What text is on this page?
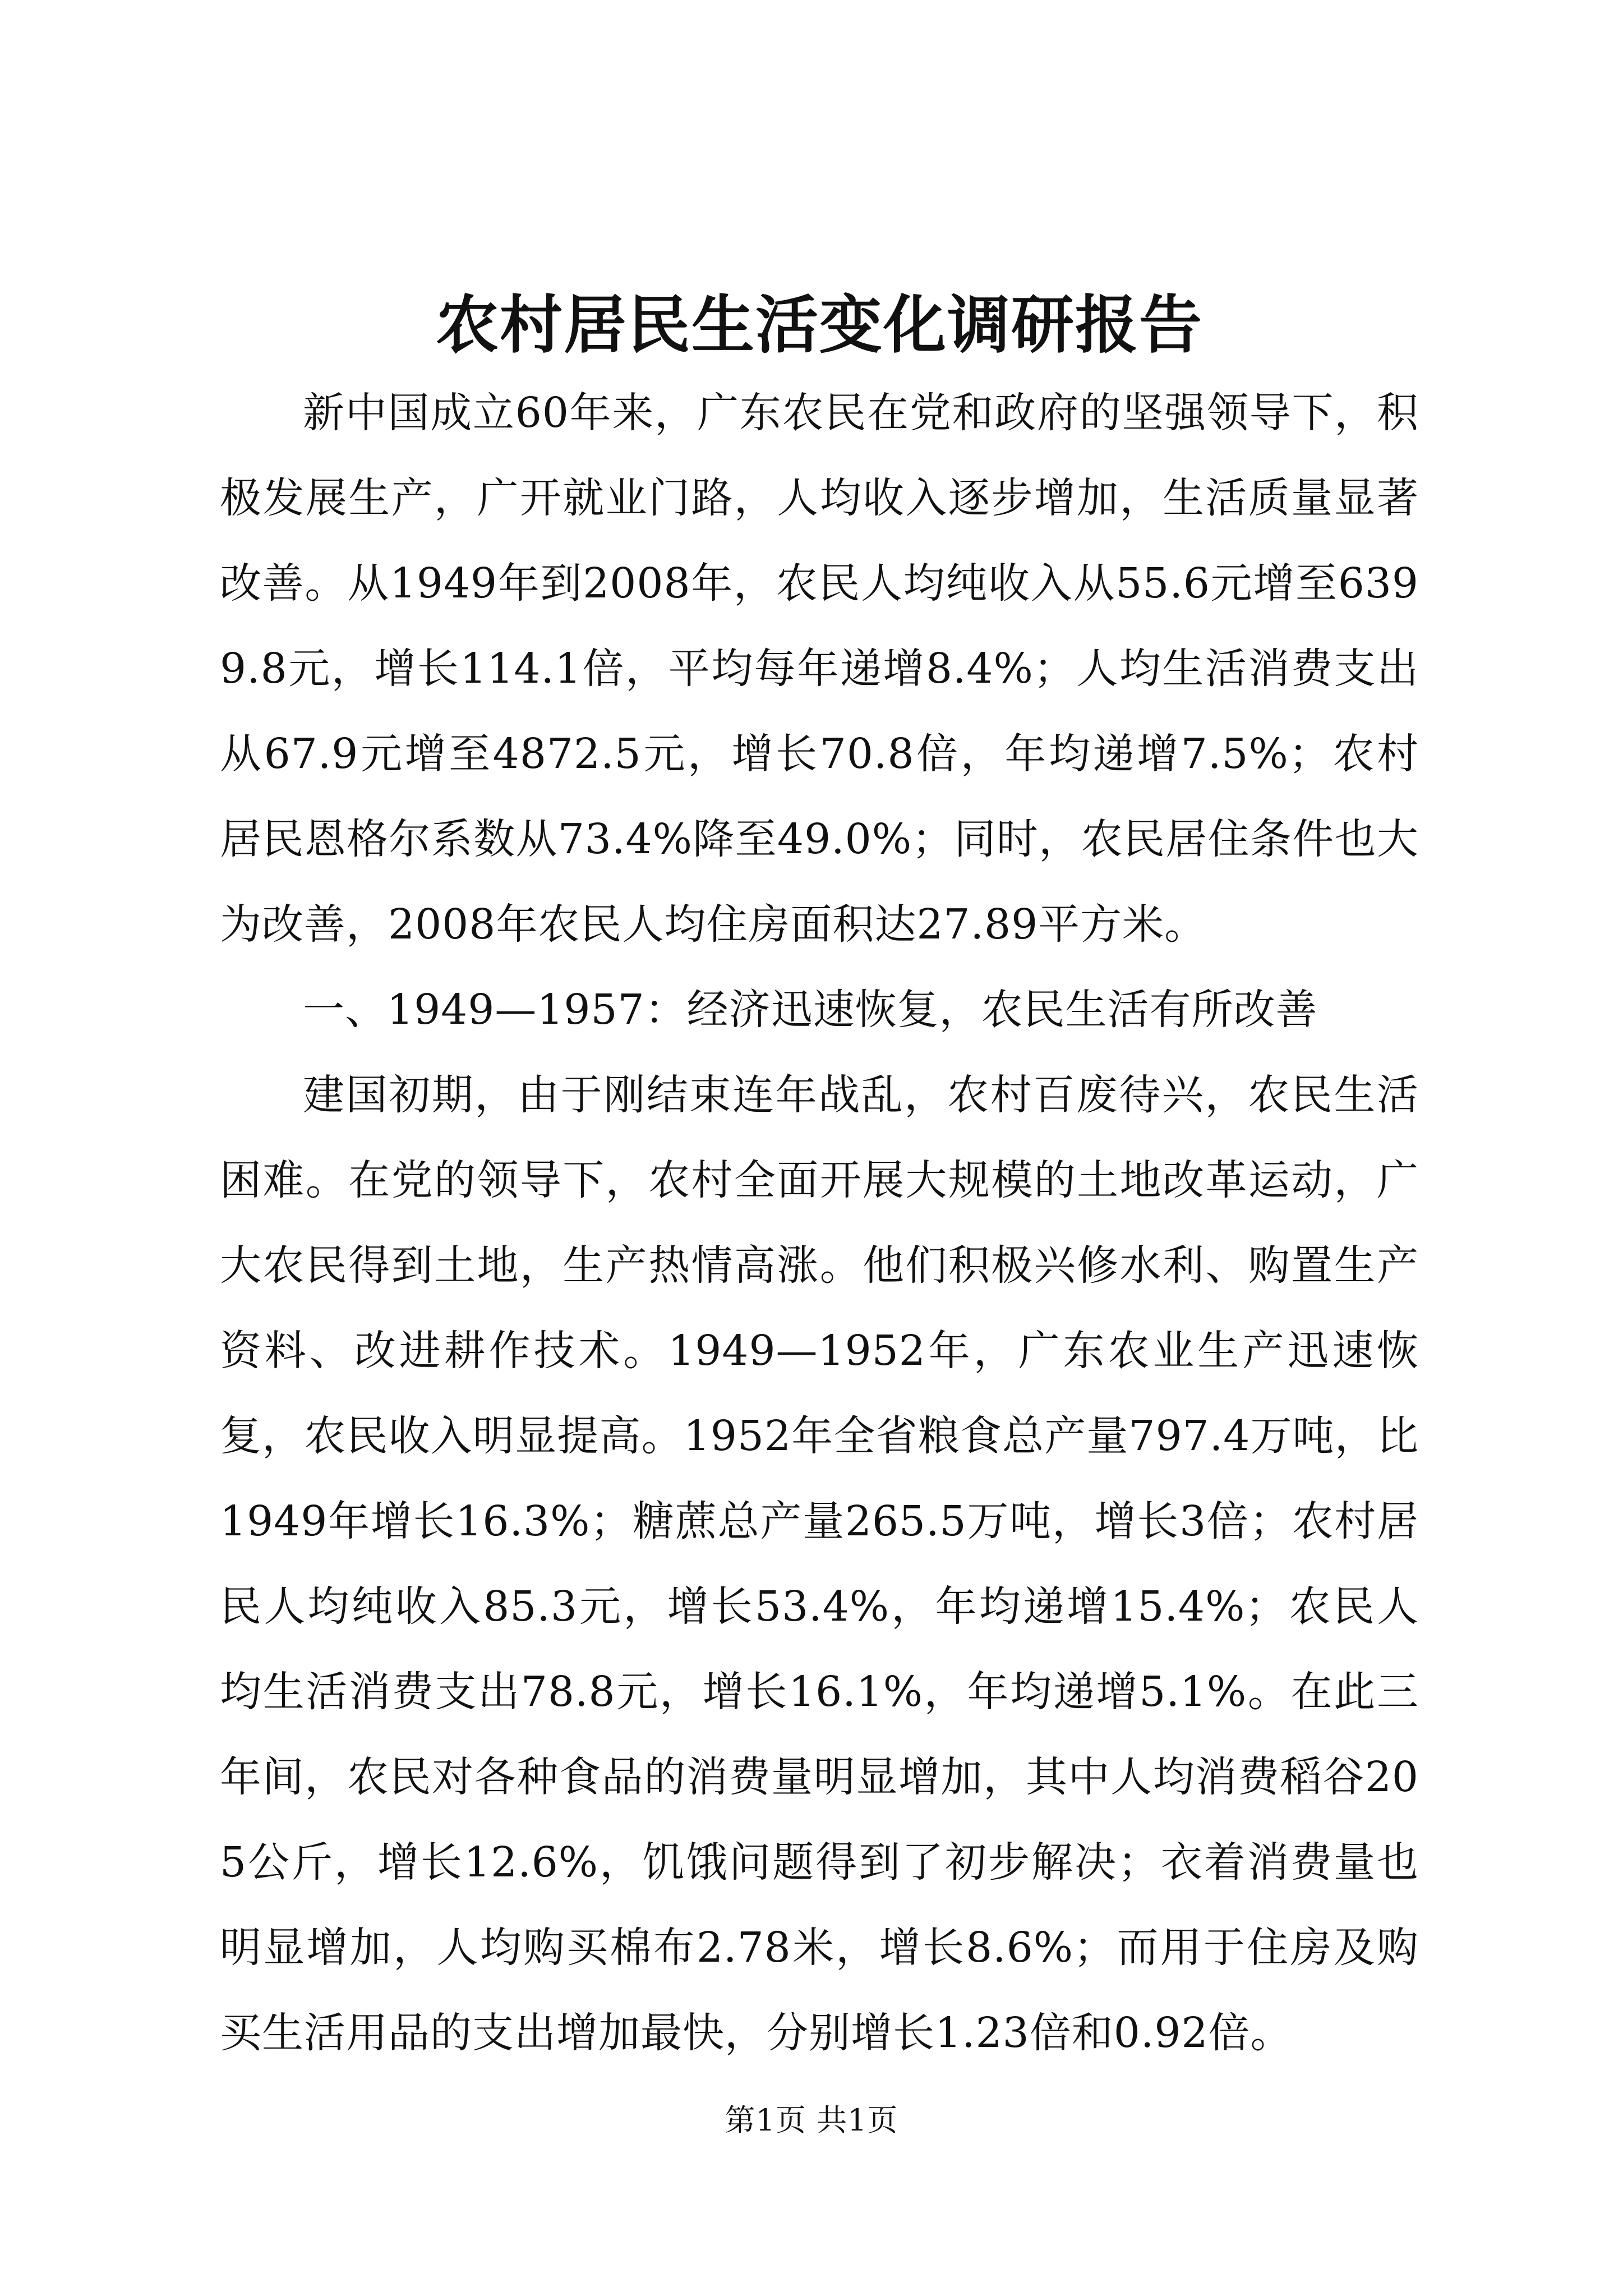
农村居民生活变化调研报告

新中国成立60年来，广东农民在党和政府的坚强领导下，积极发展生产，广开就业门路，人均收入逐步增加，生活质量显著改善。从1949年到2008年，农民人均纯收入从55.6元增至6399.8元，增长114.1倍，平均每年递增8.4%；人均生活消费支出从67.9元增至4872.5元，增长70.8倍，年均递增7.5%；农村居民恩格尔系数从73.4%降至49.0%；同时，农民居住条件也大为改善，2008年农民人均住房面积达27.89平方米。

一、1949—1957：经济迅速恢复，农民生活有所改善

建国初期，由于刚结束连年战乱，农村百废待兴，农民生活困难。在党的领导下，农村全面开展大规模的土地改革运动，广大农民得到土地，生产热情高涨。他们积极兴修水利、购置生产资料、改进耕作技术。1949—1952年，广东农业生产迅速恢复，农民收入明显提高。1952年全省粮食总产量797.4万吨，比1949年增长16.3%；糖蔗总产量265.5万吨，增长3倍；农村居民人均纯收入85.3元，增长53.4%，年均递增15.4%；农民人均生活消费支出78.8元，增长16.1%，年均递增5.1%。在此三年间，农民对各种食品的消费量明显增加，其中人均消费稻谷205公斤，增长12.6%，饥饿问题得到了初步解决；衣着消费量也明显增加，人均购买棉布2.78米，增长8.6%；而用于住房及购买生活用品的支出增加最快，分别增长1.23倍和0.92倍。

第1页 共1页
